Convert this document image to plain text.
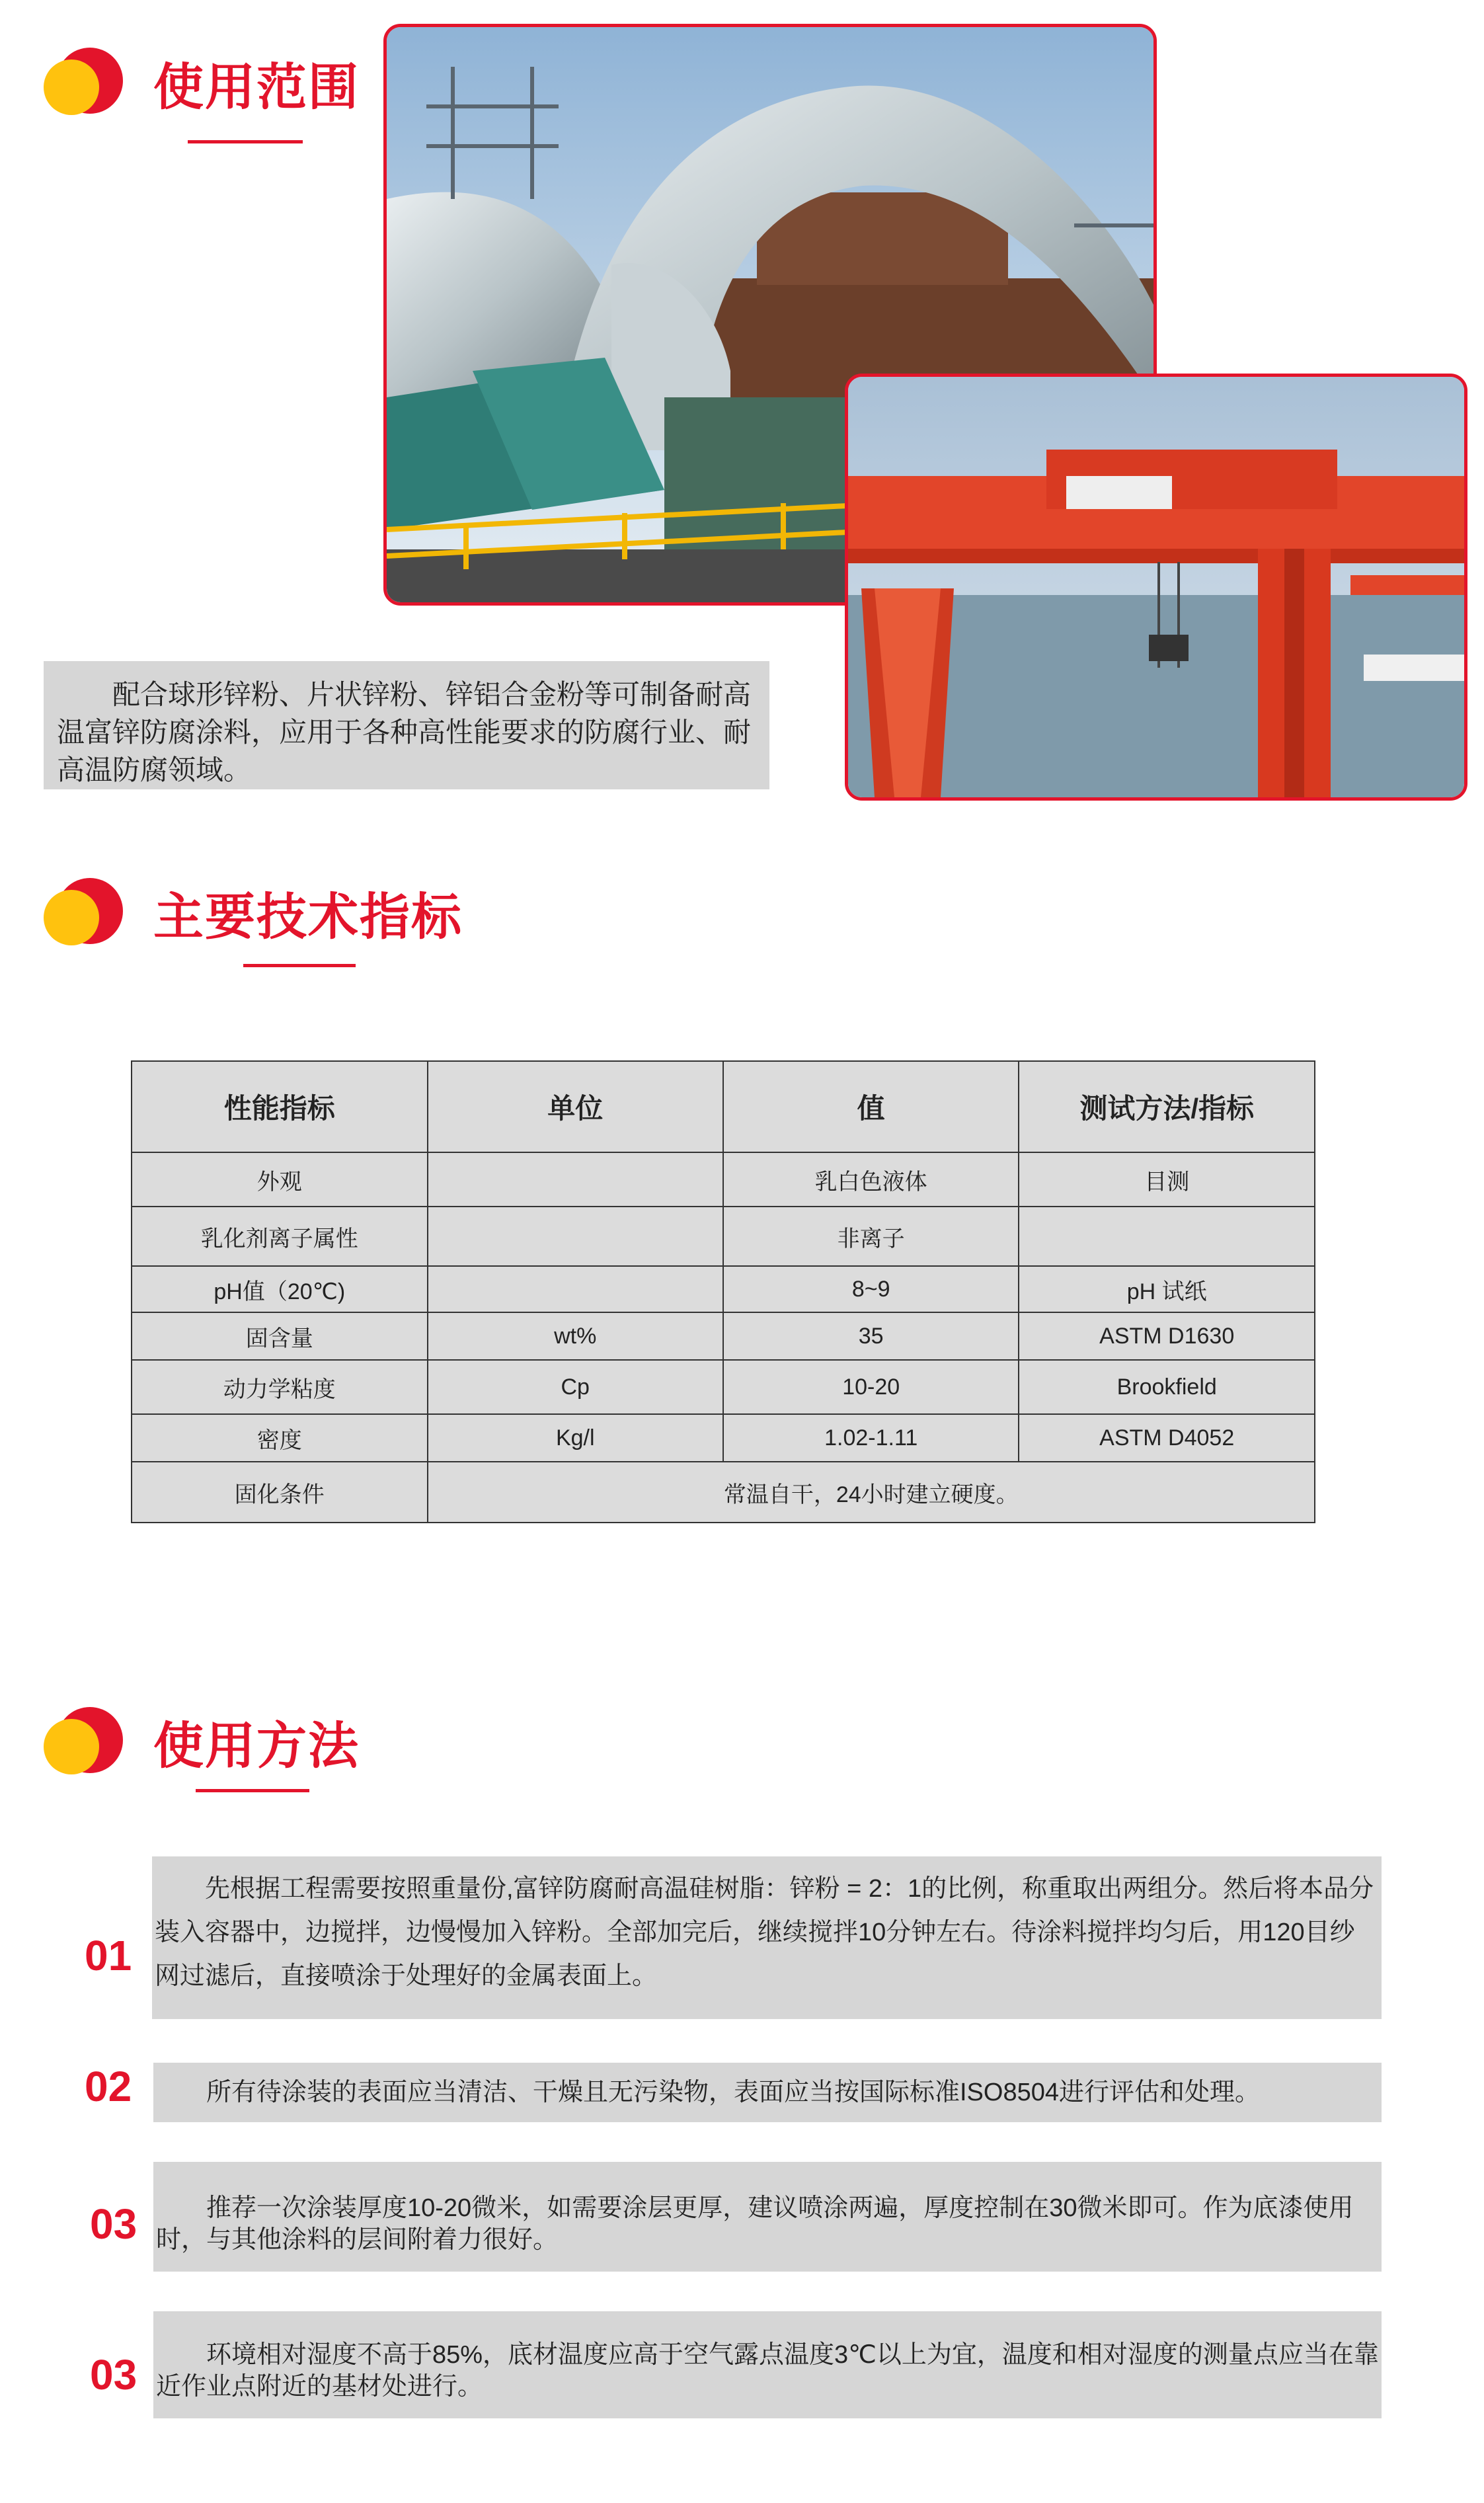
使用范围
配合球形锌粉、片状锌粉、锌铝合金粉等可制备耐高温富锌防腐涂料，应用于各种高性能要求的防腐行业、耐高温防腐领域。
主要技术指标
性能指标	单位	值	测试方法/指标
外观		乳白色液体	目测
乳化剂离子属性		非离子	
pH值（20℃)		8~9	pH 试纸
固含量	wt%	35	ASTM D1630
动力学粘度	Cp	10-20	Brookfield
密度	Kg/l	1.02-1.11	ASTM D4052
固化条件	常温自干，24小时建立硬度。		
使用方法
01
先根据工程需要按照重量份,富锌防腐耐高温硅树脂：锌粉 = 2：1的比例，称重取出两组分。然后将本品分装入容器中，边搅拌，边慢慢加入锌粉。全部加完后，继续搅拌10分钟左右。待涂料搅拌均匀后，用120目纱网过滤后，直接喷涂于处理好的金属表面上。
02	所有待涂装的表面应当清洁、干燥且无污染物，表面应当按国际标准ISO8504进行评估和处理。
03	推荐一次涂装厚度10-20微米，如需要涂层更厚，建议喷涂两遍，厚度控制在30微米即可。作为底漆使用时，与其他涂料的层间附着力很好。
03	环境相对湿度不高于85%，底材温度应高于空气露点温度3℃以上为宜，温度和相对湿度的测量点应当在靠近作业点附近的基材处进行。
